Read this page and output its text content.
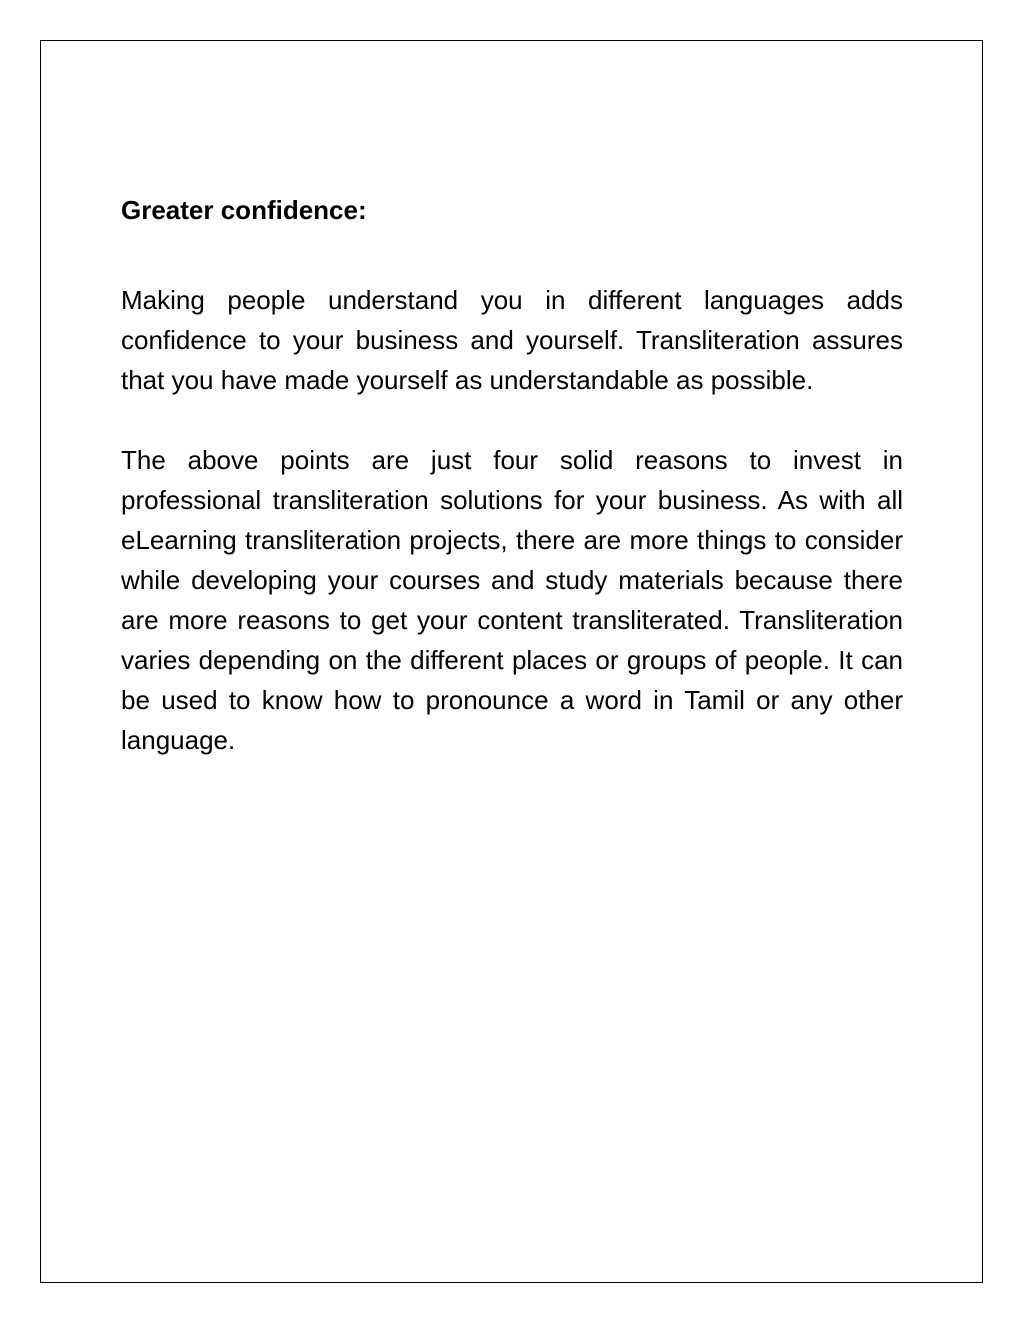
Greater confidence:

Making people understand you in different languages adds confidence to your business and yourself. Transliteration assures that you have made yourself as understandable as possible.

The above points are just four solid reasons to invest in professional transliteration solutions for your business. As with all eLearning transliteration projects, there are more things to consider while developing your courses and study materials because there are more reasons to get your content transliterated. Transliteration varies depending on the different places or groups of people. It can be used to know how to pronounce a word in Tamil or any other language.
